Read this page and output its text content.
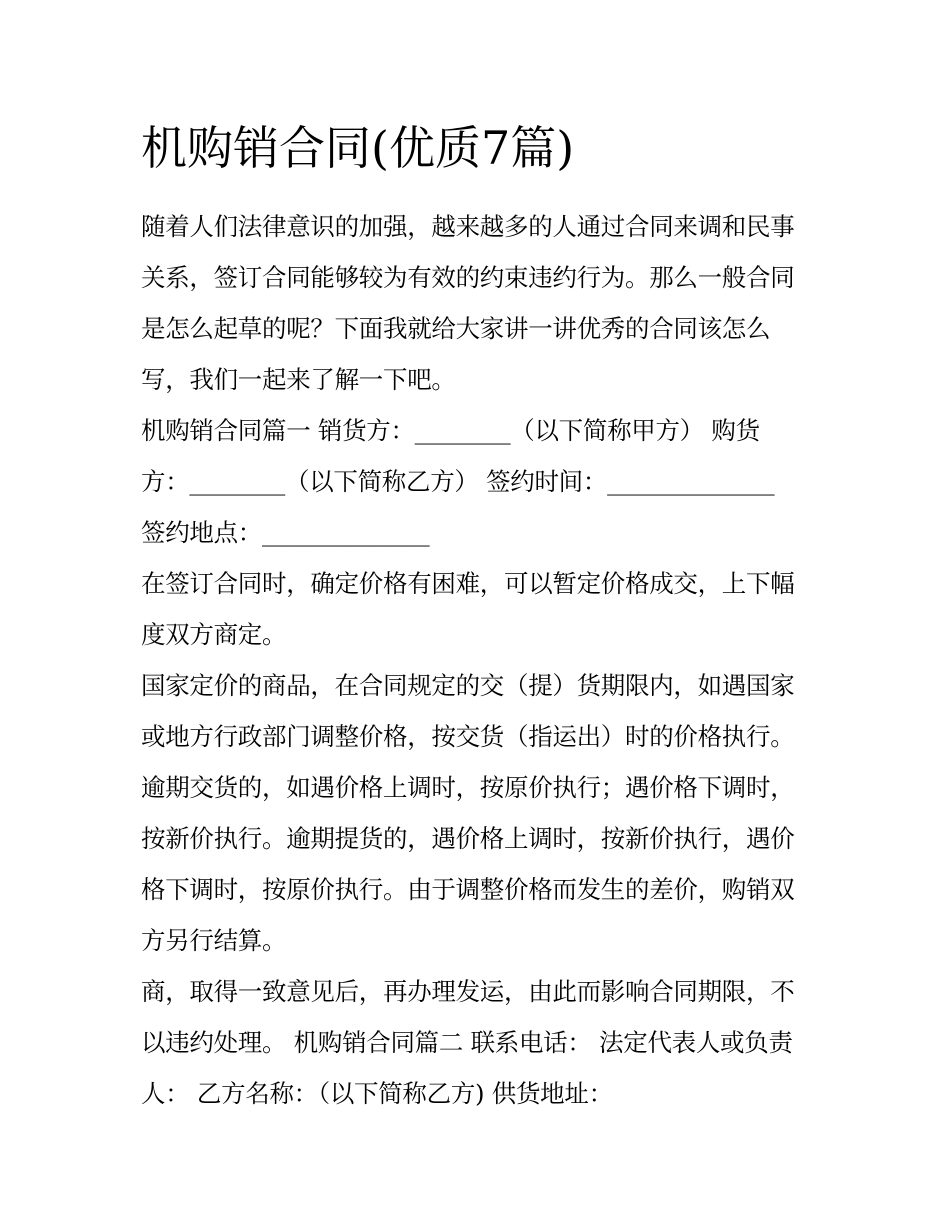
机购销合同(优质7篇)
随着人们法律意识的加强，越来越多的人通过合同来调和民事
关系，签订合同能够较为有效的约束违约行为。那么一般合同
是怎么起草的呢？下面我就给大家讲一讲优秀的合同该怎么
写，我们一起来了解一下吧。
机购销合同篇一 销货方：________（以下简称甲方） 购货
方：________（以下简称乙方） 签约时间：______________
签约地点：______________
在签订合同时，确定价格有困难，可以暂定价格成交，上下幅
度双方商定。
国家定价的商品，在合同规定的交（提）货期限内，如遇国家
或地方行政部门调整价格，按交货（指运出）时的价格执行。
逾期交货的，如遇价格上调时，按原价执行；遇价格下调时，
按新价执行。逾期提货的，遇价格上调时，按新价执行，遇价
格下调时，按原价执行。由于调整价格而发生的差价，购销双
方另行结算。
商，取得一致意见后，再办理发运，由此而影响合同期限，不
以违约处理。 机购销合同篇二 联系电话： 法定代表人或负责
人： 乙方名称：（以下简称乙方) 供货地址：
